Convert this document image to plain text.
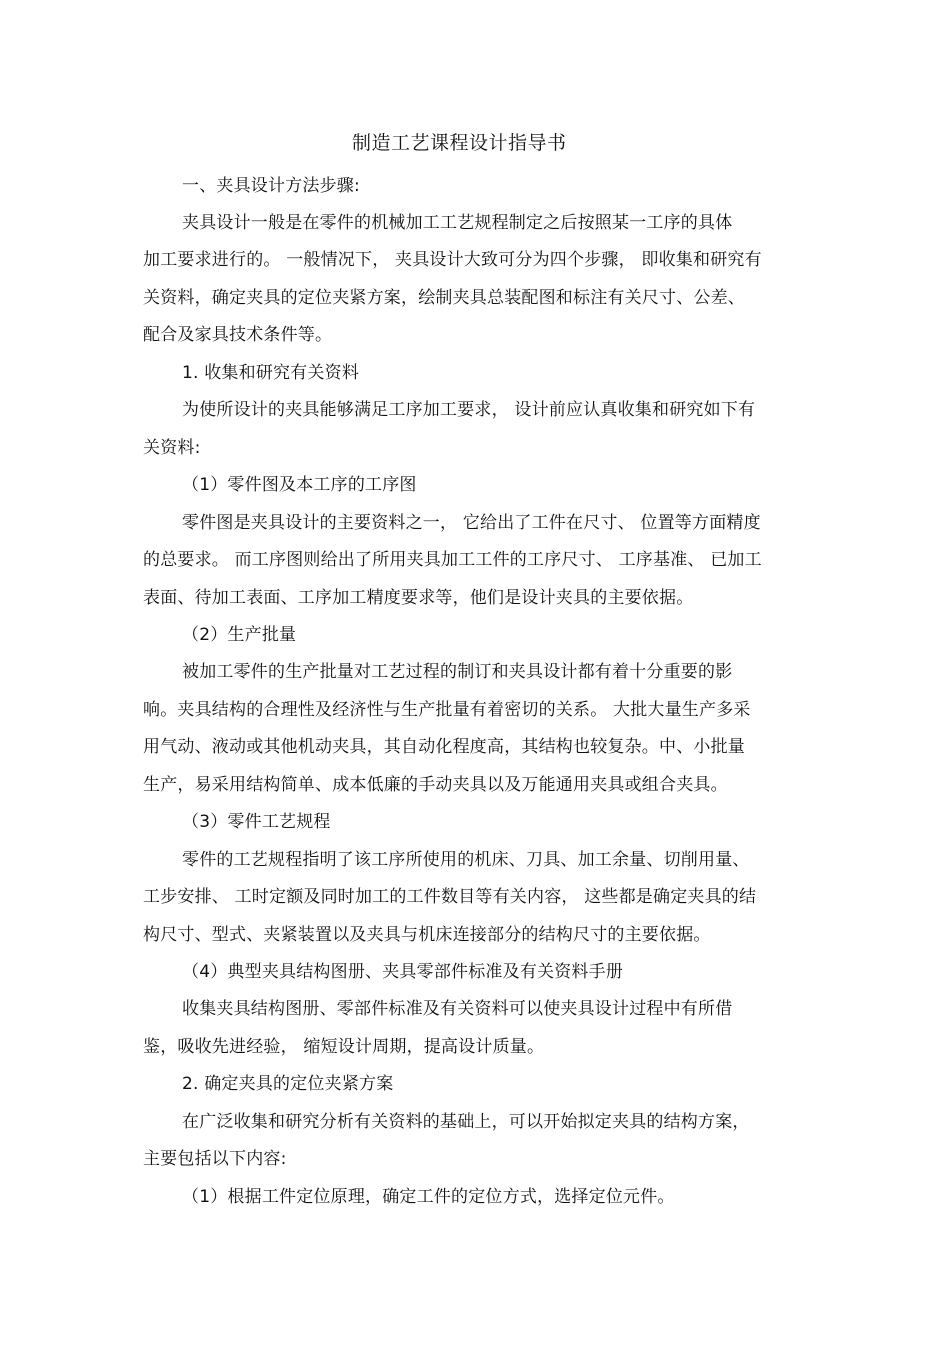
制造工艺课程设计指导书
一、夹具设计方法步骤:
夹具设计一般是在零件的机械加工工艺规程制定之后按照某一工序的具体
加工要求进行的。 一般情况下， 夹具设计大致可分为四个步骤， 即收集和研究有
关资料，确定夹具的定位夹紧方案，绘制夹具总装配图和标注有关尺寸、公差、
配合及家具技术条件等。
1. 收集和研究有关资料
为使所设计的夹具能够满足工序加工要求， 设计前应认真收集和研究如下有
关资料:
（1）零件图及本工序的工序图
零件图是夹具设计的主要资料之一， 它给出了工件在尺寸、 位置等方面精度
的总要求。 而工序图则给出了所用夹具加工工件的工序尺寸、 工序基准、 已加工
表面、待加工表面、工序加工精度要求等，他们是设计夹具的主要依据。
（2）生产批量
被加工零件的生产批量对工艺过程的制订和夹具设计都有着十分重要的影
响。夹具结构的合理性及经济性与生产批量有着密切的关系。 大批大量生产多采
用气动、液动或其他机动夹具，其自动化程度高，其结构也较复杂。中、小批量
生产，易采用结构简单、成本低廉的手动夹具以及万能通用夹具或组合夹具。
（3）零件工艺规程
零件的工艺规程指明了该工序所使用的机床、刀具、加工余量、切削用量、
工步安排、 工时定额及同时加工的工件数目等有关内容， 这些都是确定夹具的结
构尺寸、型式、夹紧装置以及夹具与机床连接部分的结构尺寸的主要依据。
（4）典型夹具结构图册、夹具零部件标准及有关资料手册
收集夹具结构图册、零部件标准及有关资料可以使夹具设计过程中有所借
鉴，吸收先进经验， 缩短设计周期，提高设计质量。
2. 确定夹具的定位夹紧方案
在广泛收集和研究分析有关资料的基础上，可以开始拟定夹具的结构方案，
主要包括以下内容:
（1）根据工件定位原理，确定工件的定位方式，选择定位元件。
